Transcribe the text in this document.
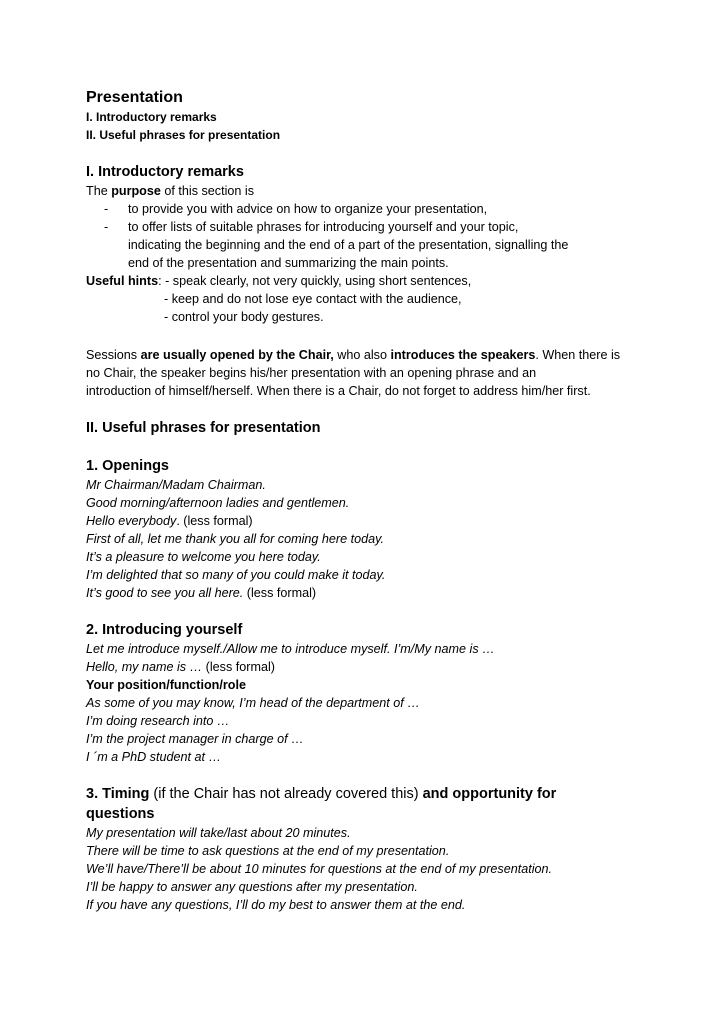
Presentation
I. Introductory remarks
II. Useful phrases for presentation
I. Introductory remarks
The purpose of this section is
- to provide you with advice on how to organize your presentation,
- to offer lists of suitable phrases for introducing yourself and your topic,
indicating the beginning and the end of a part of the presentation, signalling the
end of the presentation and summarizing the main points.
Useful hints: - speak clearly, not very quickly, using short sentences,
- keep and do not lose eye contact with the audience,
- control your body gestures.
Sessions are usually opened by the Chair, who also introduces the speakers. When there is
no Chair, the speaker begins his/her presentation with an opening phrase and an
introduction of himself/herself. When there is a Chair, do not forget to address him/her first.
II. Useful phrases for presentation
1. Openings
Mr Chairman/Madam Chairman.
Good morning/afternoon ladies and gentlemen.
Hello everybody. (less formal)
First of all, let me thank you all for coming here today.
It’s a pleasure to welcome you here today.
I’m delighted that so many of you could make it today.
It’s good to see you all here. (less formal)
2. Introducing yourself
Let me introduce myself./Allow me to introduce myself. I’m/My name is …
Hello, my name is … (less formal)
Your position/function/role
As some of you may know, I’m head of the department of …
I’m doing research into …
I’m the project manager in charge of …
I ´m a PhD student at …
3. Timing (if the Chair has not already covered this) and opportunity for
questions
My presentation will take/last about 20 minutes.
There will be time to ask questions at the end of my presentation.
We’ll have/There’ll be about 10 minutes for questions at the end of my presentation.
I’ll be happy to answer any questions after my presentation.
If you have any questions, I’ll do my best to answer them at the end.
